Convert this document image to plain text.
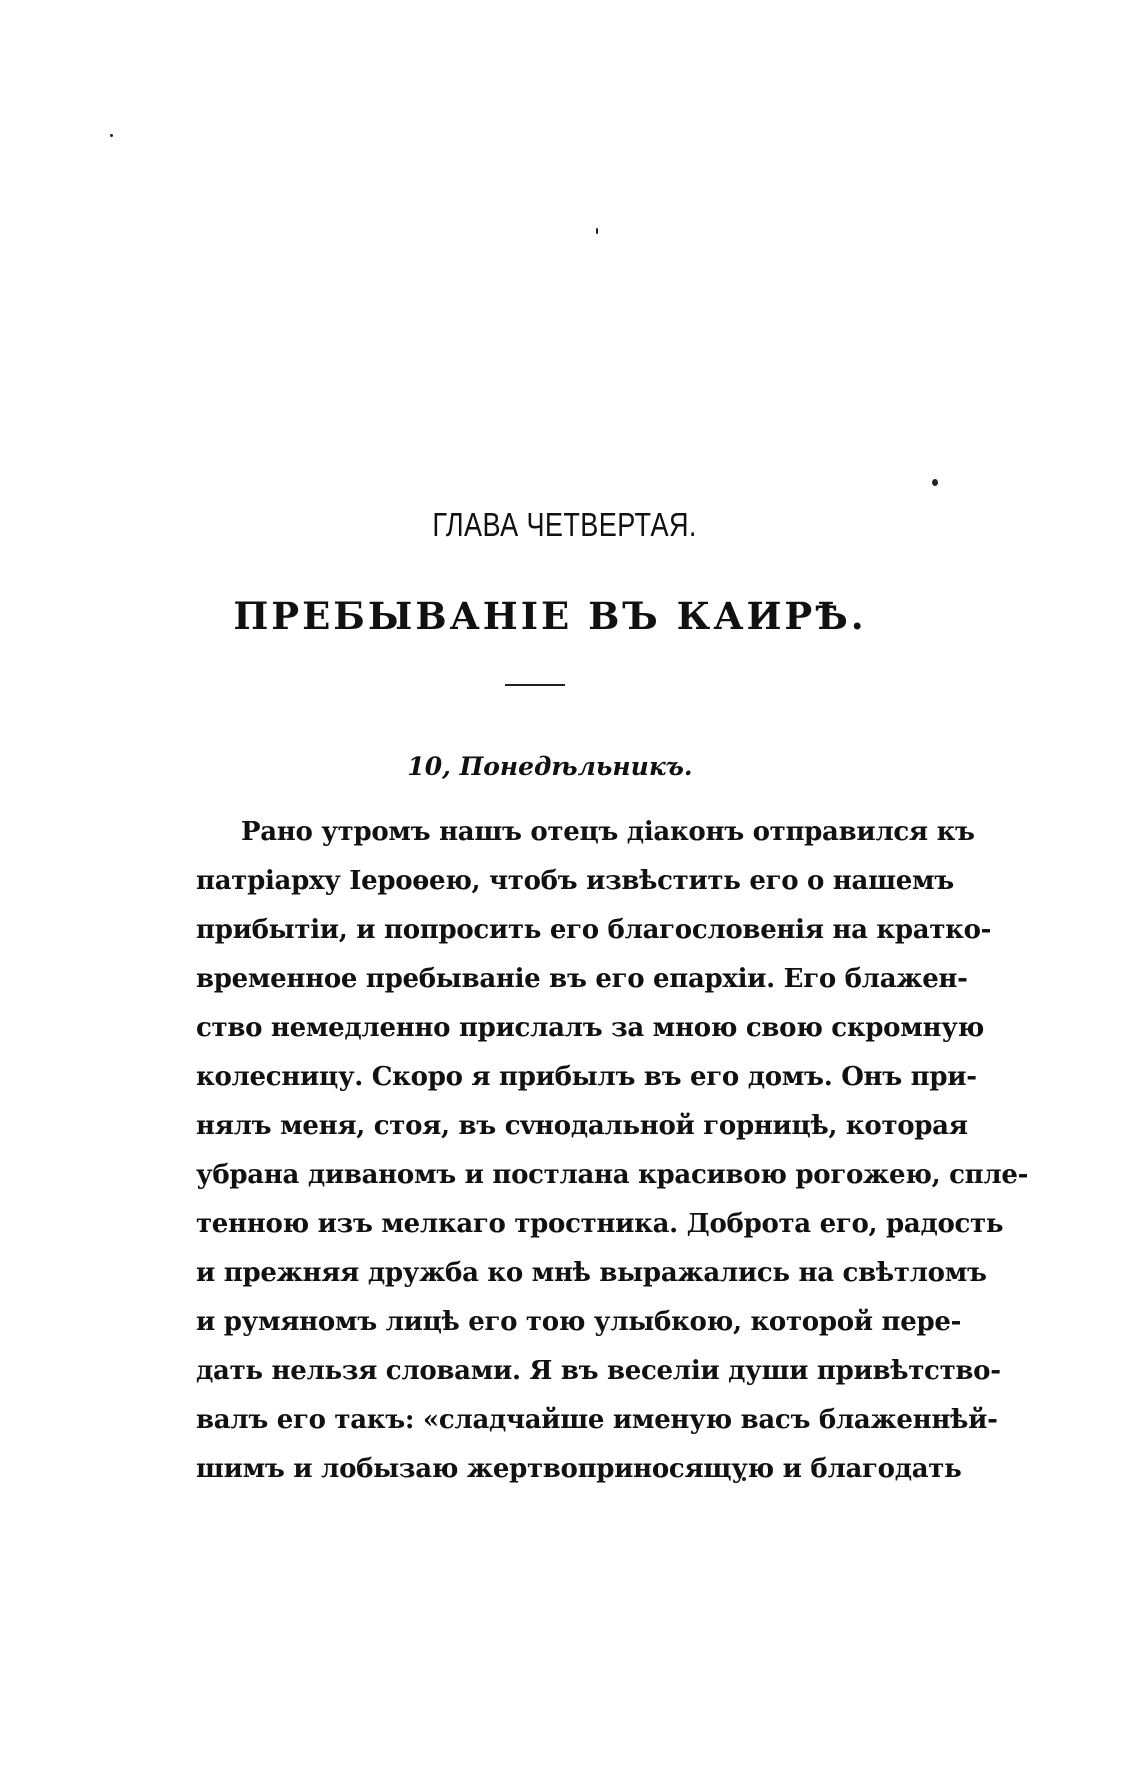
ГЛАВА ЧЕТВЕРТАЯ.
ПРЕБЫВАНІЕ ВЪ КАИРѢ.
10, Понедѣльникъ.
Рано утромъ нашъ отецъ діаконъ отправился къ
патріарху Іероѳею, чтобъ извѣстить его о нашемъ
прибытіи, и попросить его благословенія на кратко-
временное пребываніе въ его епархіи. Его блажен-
ство немедленно прислалъ за мною свою скромную
колесницу. Скоро я прибылъ въ его домъ. Онъ при-
нялъ меня, стоя, въ сvнодальной горницѣ, которая
убрана диваномъ и постлана красивою рогожею, спле-
тенною изъ мелкаго тростника. Доброта его, радость
и прежняя дружба ко мнѣ выражались на свѣтломъ
и румяномъ лицѣ его тою улыбкою, которой пере-
дать нельзя словами. Я въ веселіи души привѣтство-
валъ его такъ: «сладчайше именую васъ блаженнѣй-
шимъ и лобызаю жертвоприносящую и благодать
